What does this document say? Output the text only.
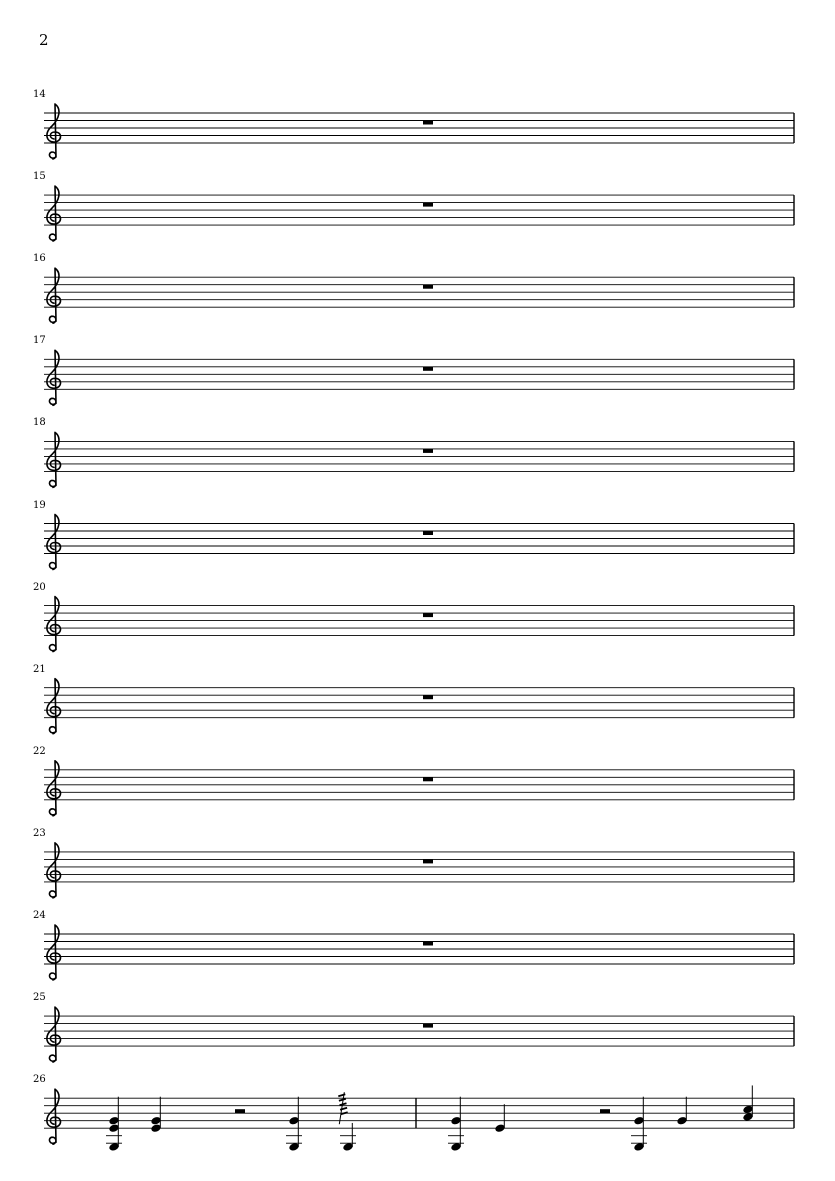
2
14
15
16
17
18
19
20
21
22
23
24
25
26
